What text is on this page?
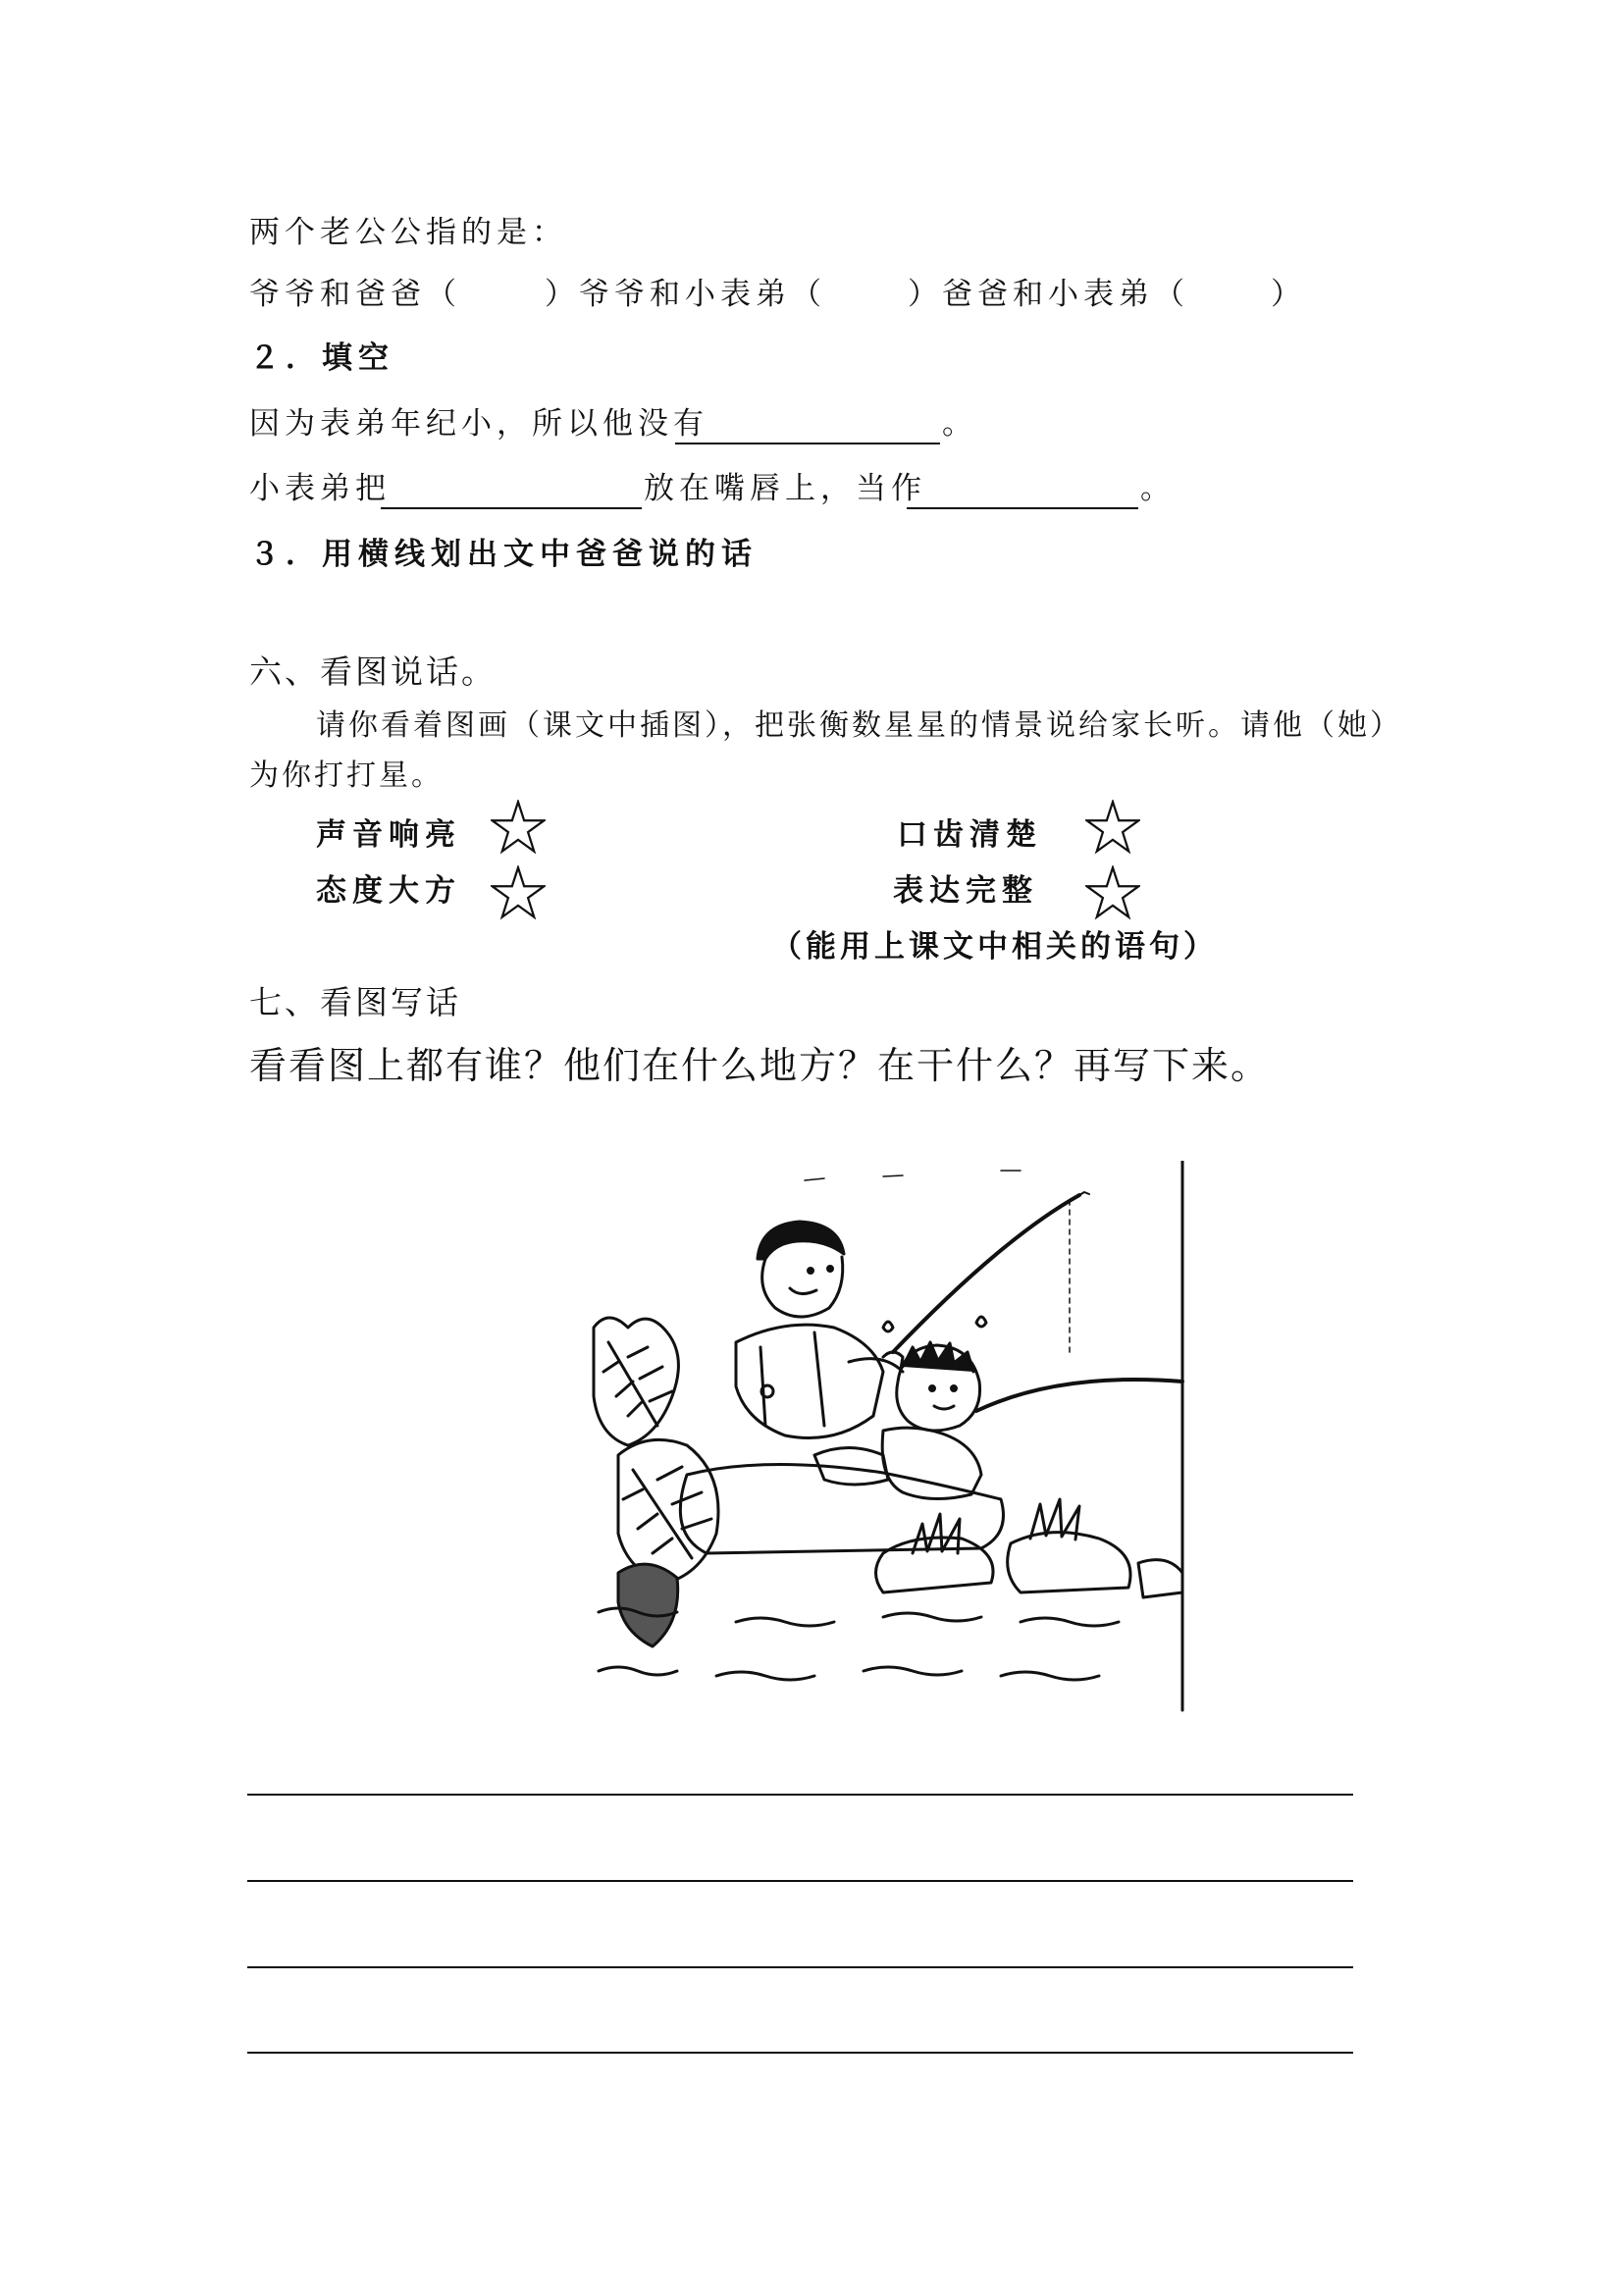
两个老公公指的是：
爷爷和爸爸（	） 爷爷和小表弟（	） 爸爸和小表弟（	）
２．填空
因为表弟年纪小，所以他没有	。
小表弟把	放在嘴唇上，当作	。
３．用横线划出文中爸爸说的话
六、看图说话。
请你看着图画（课文中插图），把张衡数星星的情景说给家长听。请他（她）
为你打打星。
声音响亮	口齿清楚
态度大方	表达完整
（能用上课文中相关的语句）
七、看图写话
看看图上都有谁？他们在什么地方？在干什么？再写下来。
